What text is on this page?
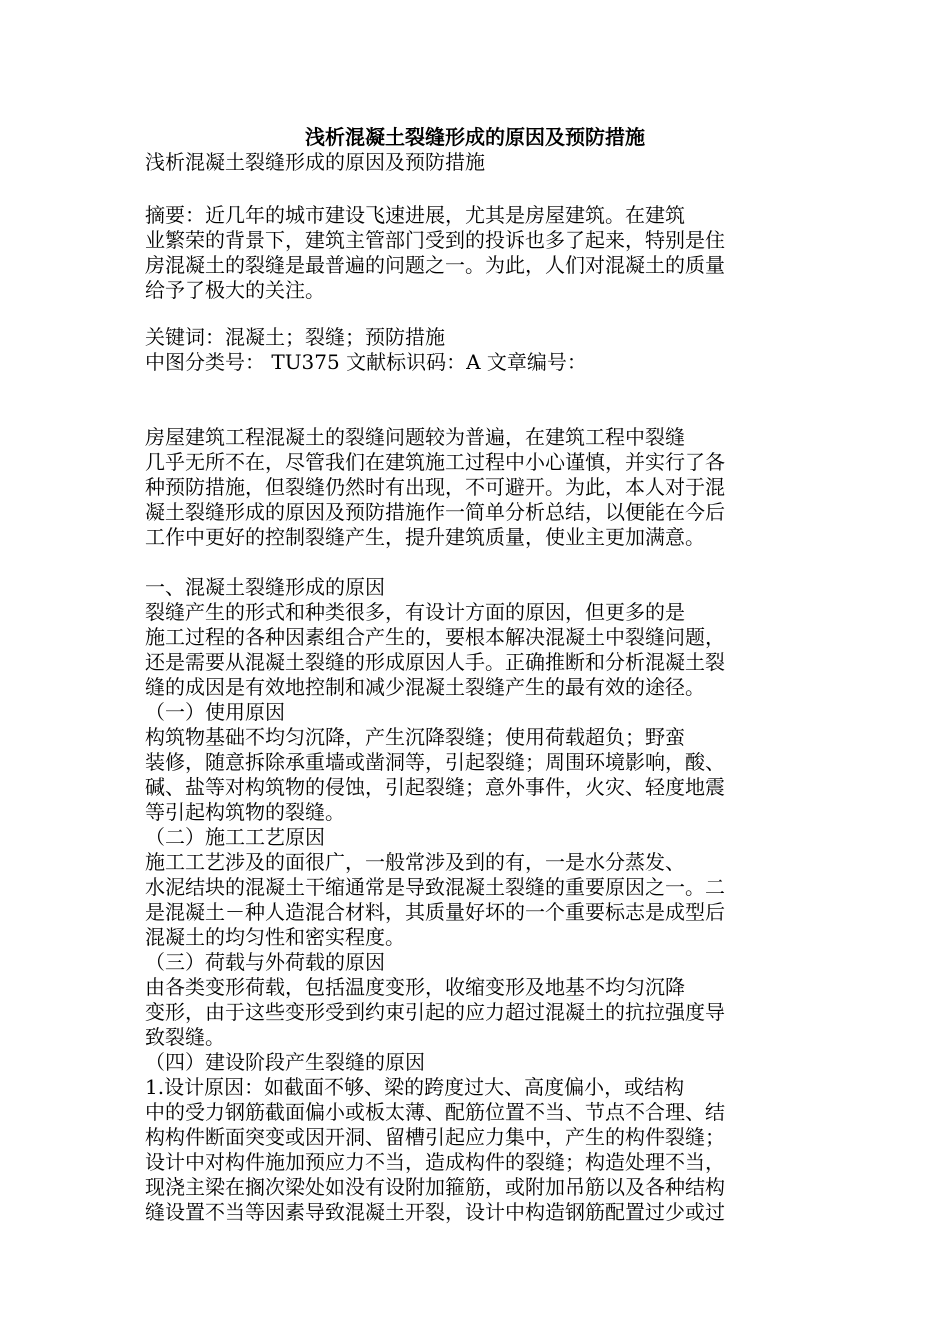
浅析混凝土裂缝形成的原因及预防措施
浅析混凝土裂缝形成的原因及预防措施
摘要：近几年的城市建设飞速进展，尤其是房屋建筑。在建筑
业繁荣的背景下，建筑主管部门受到的投诉也多了起来，特别是住
房混凝土的裂缝是最普遍的问题之一。为此，人们对混凝土的质量
给予了极大的关注。
关键词：混凝土；裂缝；预防措施
中图分类号： TU375 文献标识码：A 文章编号：
房屋建筑工程混凝土的裂缝问题较为普遍，在建筑工程中裂缝
几乎无所不在，尽管我们在建筑施工过程中小心谨慎，并实行了各
种预防措施，但裂缝仍然时有出现，不可避开。为此，本人对于混
凝土裂缝形成的原因及预防措施作一简单分析总结，以便能在今后
工作中更好的控制裂缝产生，提升建筑质量，使业主更加满意。
一、混凝土裂缝形成的原因
裂缝产生的形式和种类很多，有设计方面的原因，但更多的是
施工过程的各种因素组合产生的，要根本解决混凝土中裂缝问题，
还是需要从混凝土裂缝的形成原因人手。正确推断和分析混凝土裂
缝的成因是有效地控制和减少混凝土裂缝产生的最有效的途径。
（一）使用原因
构筑物基础不均匀沉降，产生沉降裂缝；使用荷载超负；野蛮
装修，随意拆除承重墙或凿洞等，引起裂缝；周围环境影响，酸、
碱、盐等对构筑物的侵蚀，引起裂缝；意外事件，火灾、轻度地震
等引起构筑物的裂缝。
（二）施工工艺原因
施工工艺涉及的面很广，一般常涉及到的有，一是水分蒸发、
水泥结块的混凝土干缩通常是导致混凝土裂缝的重要原因之一。二
是混凝土－种人造混合材料，其质量好坏的一个重要标志是成型后
混凝土的均匀性和密实程度。
（三）荷载与外荷载的原因
由各类变形荷载，包括温度变形，收缩变形及地基不均匀沉降
变形，由于这些变形受到约束引起的应力超过混凝土的抗拉强度导
致裂缝。
（四）建设阶段产生裂缝的原因
1.设计原因：如截面不够、梁的跨度过大、高度偏小，或结构
中的受力钢筋截面偏小或板太薄、配筋位置不当、节点不合理、结
构构件断面突变或因开洞、留槽引起应力集中，产生的构件裂缝；
设计中对构件施加预应力不当，造成构件的裂缝；构造处理不当，
现浇主梁在搁次梁处如没有设附加箍筋，或附加吊筋以及各种结构
缝设置不当等因素导致混凝土开裂，设计中构造钢筋配置过少或过
